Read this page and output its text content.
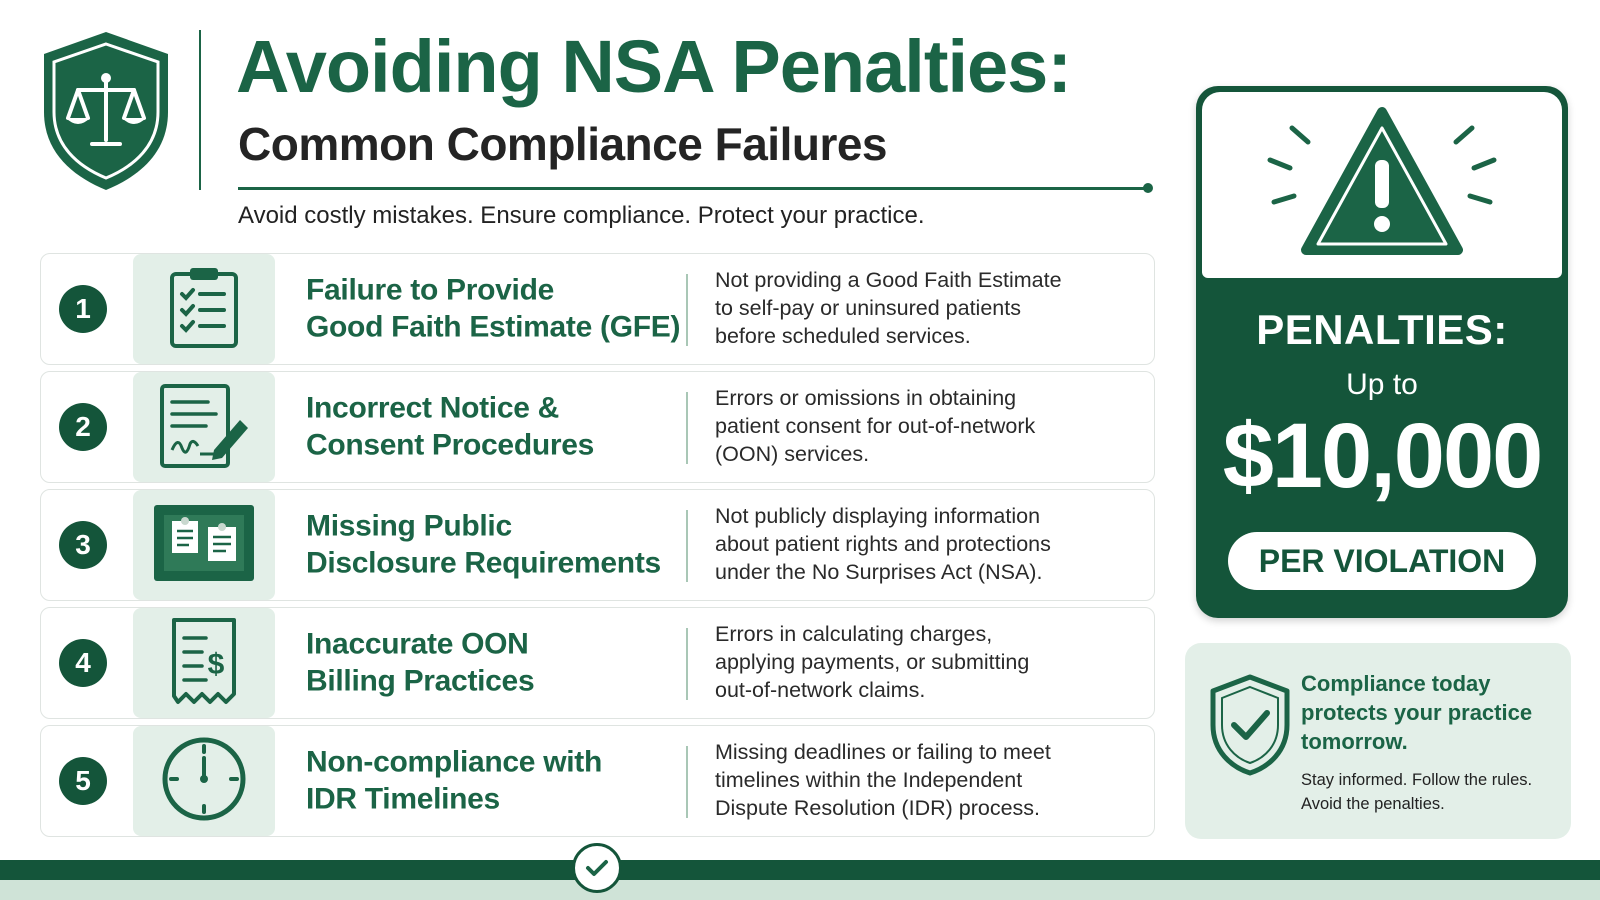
Avoiding NSA Penalties:
Common Compliance Failures
Avoid costly mistakes. Ensure compliance. Protect your practice.
1
Failure to Provide
Good Faith Estimate (GFE)
Not providing a Good Faith Estimate
to self-pay or uninsured patients
before scheduled services.
2
Incorrect Notice &
Consent Procedures
Errors or omissions in obtaining
patient consent for out-of-network
(OON) services.
3
Missing Public
Disclosure Requirements
Not publicly displaying information
about patient rights and protections
under the No Surprises Act (NSA).
4	$
Inaccurate OON
Billing Practices
Errors in calculating charges,
applying payments, or submitting
out-of-network claims.
5
Non-compliance with
IDR Timelines
Missing deadlines or failing to meet
timelines within the Independent
Dispute Resolution (IDR) process.
PENALTIES:
Up to
$10,000
PER VIOLATION
Compliance today
protects your practice
tomorrow.
Stay informed. Follow the rules.
Avoid the penalties.
